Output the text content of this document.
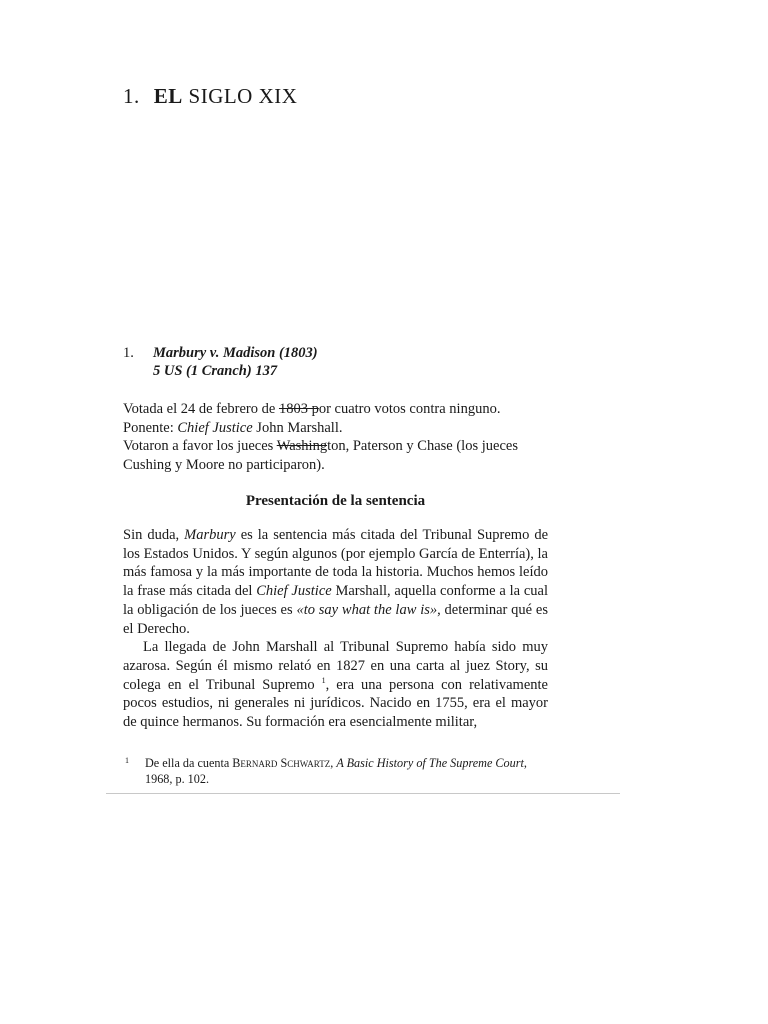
1. EL SIGLO XIX
1. Marbury v. Madison (1803)
5 US (1 Cranch) 137
Votada el 24 de febrero de 1803 por cuatro votos contra ninguno.
Ponente: Chief Justice John Marshall.
Votaron a favor los jueces Washington, Paterson y Chase (los jueces Cushing y Moore no participaron).
Presentación de la sentencia

Sin duda, Marbury es la sentencia más citada del Tribunal Supremo de los Estados Unidos. Y según algunos (por ejemplo García de Enterría), la más famosa y la más importante de toda la historia. Muchos hemos leído la frase más citada del Chief Justice Marshall, aquella conforme a la cual la obligación de los jueces es «to say what the law is», determinar qué es el Derecho.

La llegada de John Marshall al Tribunal Supremo había sido muy azarosa. Según él mismo relató en 1827 en una carta al juez Story, su colega en el Tribunal Supremo $^1$, era una persona con relativamente pocos estudios, ni generales ni jurídicos. Nacido en 1755, era el mayor de quince hermanos. Su formación era esencialmente militar,

1 De ella da cuenta Bernard Schwartz, A Basic History of The Supreme Court, 1968, p. 102.
